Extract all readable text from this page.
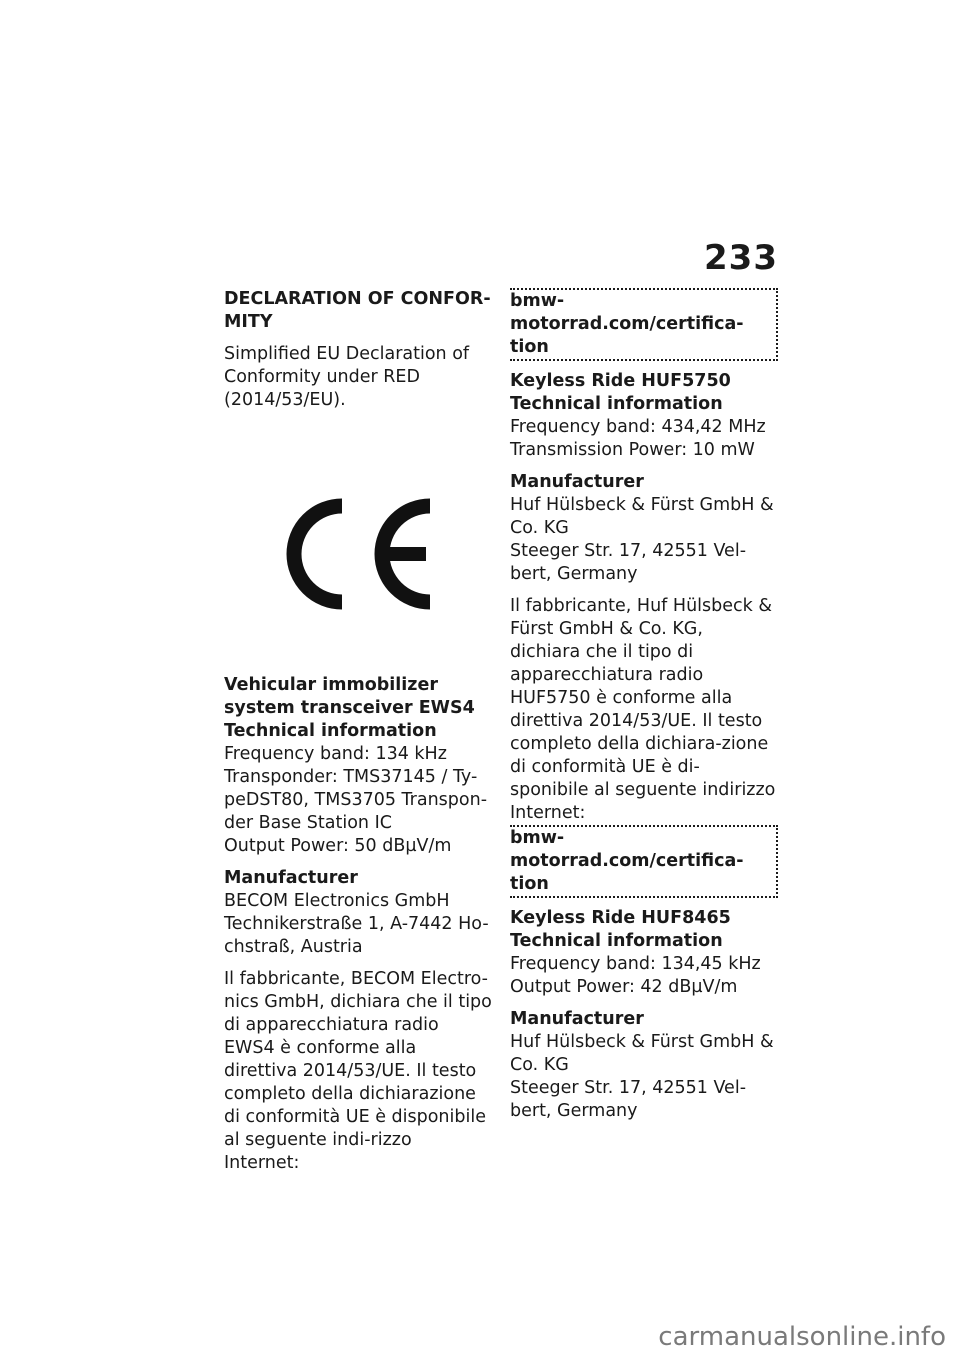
233
DECLARATION OF CONFOR-MITY
Simplified EU Declaration of Conformity under RED (2014/53/EU).
Vehicular immobilizer system transceiver EWS4
Technical information
Frequency band: 134 kHz
Transponder: TMS37145 / Ty-peDST80, TMS3705 Transpon-der Base Station IC
Output Power: 50 dBµV/m
Manufacturer
BECOM Electronics GmbH
Technikerstraße 1, A-7442 Ho-chstraß, Austria
Il fabbricante, BECOM Electro-nics GmbH, dichiara che il tipo di apparecchiatura radio EWS4 è conforme alla direttiva 2014/53/UE. Il testo completo della dichiarazione di conformità UE è disponibile al seguente indi-rizzo Internet:
bmw-motorrad.com/certifica-tion
Keyless Ride HUF5750
Technical information
Frequency band: 434,42 MHz
Transmission Power: 10 mW
Manufacturer
Huf Hülsbeck & Fürst GmbH & Co. KG
Steeger Str. 17, 42551 Vel-bert, Germany
Il fabbricante, Huf Hülsbeck & Fürst GmbH & Co. KG, dichiara che il tipo di apparecchiatura radio HUF5750 è conforme alla direttiva 2014/53/UE. Il testo completo della dichiara-zione di conformità UE è di-sponibile al seguente indirizzo Internet:
bmw-motorrad.com/certifica-tion
Keyless Ride HUF8465
Technical information
Frequency band: 134,45 kHz
Output Power: 42 dBµV/m
Manufacturer
Huf Hülsbeck & Fürst GmbH & Co. KG
Steeger Str. 17, 42551 Vel-bert, Germany
carmanualsonline.info
